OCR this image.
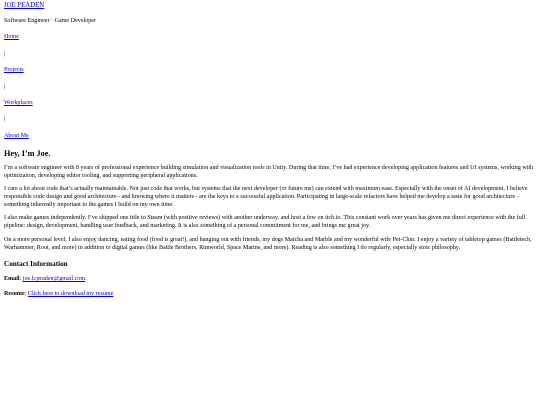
JOE PEADEN

Software Engineer · Game Developer

Home
|
Projects
|
Workplaces
|
About Me
Hey, I’m Joe.

I’m a software engineer with 8 years of professional experience building simulation and visualization tools in Unity. During that time, I’ve had experience developing application features and UI systems, working with optimization, developing editor tooling, and supporting peripheral applications.

I care a lot about code that’s actually maintainable. Not just code that works, but systems that the next developer (or future me) can extend with maximum ease. Especially with the onset of AI development, I believe responsible code design and good architecture - and knowing where it matters - are the keys to a successful application. Participating in large-scale refactors have helped me develop a taste for good architecture - something inherently important to the games I build on my own time.

I also make games independently. I’ve shipped one title to Steam (with positive reviews) with another underway, and host a few on itch.io. This constant work over years has given me direct experience with the full pipeline: design, development, handling user feedback, and marketing. It is also something of a personal commitment for me, and brings me great joy.

On a more personal level, I also enjoy dancing, eating food (food is great!), and hanging out with friends, my dogs Matcha and Marble and my wonderful wife Pei-Chin. I enjoy a variety of tabletop games (Battletech, Warhammer, Root, and more) in addition to digital games (like Battle Brothers, Rimworld, Space Marine, and more). Reading is also something I do regularly, especially stoic philosophy.

Contact Information

Email: joe.b.peaden@gmail.com.

Resume: Click here to download my resume
